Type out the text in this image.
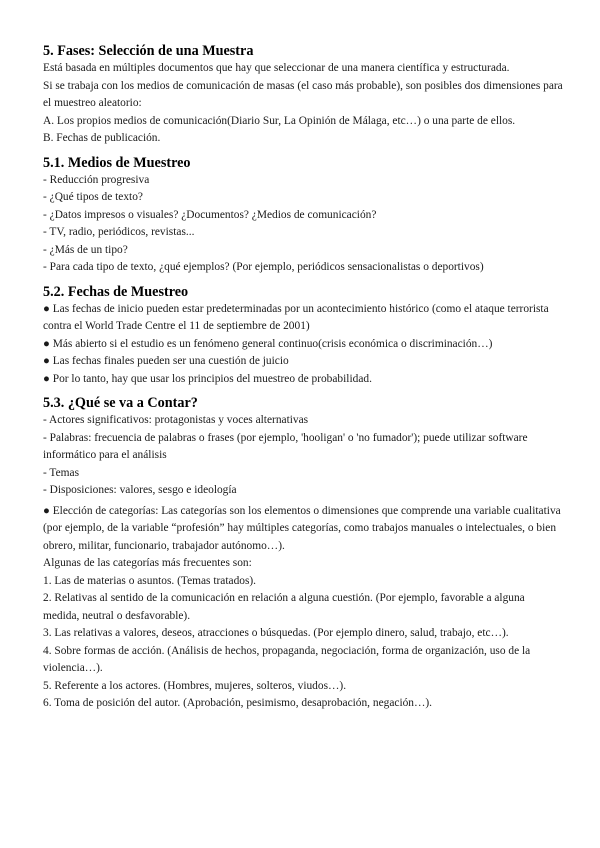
5. Fases: Selección de una Muestra

Está basada en múltiples documentos que hay que seleccionar de una manera científica y estructurada.

Si se trabaja con los medios de comunicación de masas (el caso más probable), son posibles dos dimensiones para el muestreo aleatorio:

A. Los propios medios de comunicación(Diario Sur, La Opinión de Málaga, etc…) o una parte de ellos.

B. Fechas de publicación.

5.1. Medios de Muestreo

- Reducción progresiva

- ¿Qué tipos de texto?

- ¿Datos impresos o visuales? ¿Documentos? ¿Medios de comunicación?

- TV, radio, periódicos, revistas...

- ¿Más de un tipo?

- Para cada tipo de texto, ¿qué ejemplos? (Por ejemplo, periódicos sensacionalistas o deportivos)

5.2. Fechas de Muestreo

● Las fechas de inicio pueden estar predeterminadas por un acontecimiento histórico (como el ataque terrorista contra el World Trade Centre el 11 de septiembre de 2001)

● Más abierto si el estudio es un fenómeno general continuo(crisis económica o discriminación…)

● Las fechas finales pueden ser una cuestión de juicio

● Por lo tanto, hay que usar los principios del muestreo de probabilidad.

5.3. ¿Qué se va a Contar?

- Actores significativos: protagonistas y voces alternativas

- Palabras: frecuencia de palabras o frases (por ejemplo, 'hooligan' o 'no fumador'); puede utilizar software informático para el análisis

- Temas

- Disposiciones: valores, sesgo e ideología

● Elección de categorías: Las categorías son los elementos o dimensiones que comprende una variable cualitativa (por ejemplo, de la variable “profesión” hay múltiples categorías, como trabajos manuales o intelectuales, o bien obrero, militar, funcionario, trabajador autónomo…).

Algunas de las categorías más frecuentes son:

1. Las de materias o asuntos. (Temas tratados).

2. Relativas al sentido de la comunicación en relación a alguna cuestión. (Por ejemplo, favorable a alguna medida, neutral o desfavorable).

3. Las relativas a valores, deseos, atracciones o búsquedas. (Por ejemplo dinero, salud, trabajo, etc…).

4. Sobre formas de acción. (Análisis de hechos, propaganda, negociación, forma de organización, uso de la violencia…).

5. Referente a los actores. (Hombres, mujeres, solteros, viudos…).

6. Toma de posición del autor. (Aprobación, pesimismo, desaprobación, negación…).
